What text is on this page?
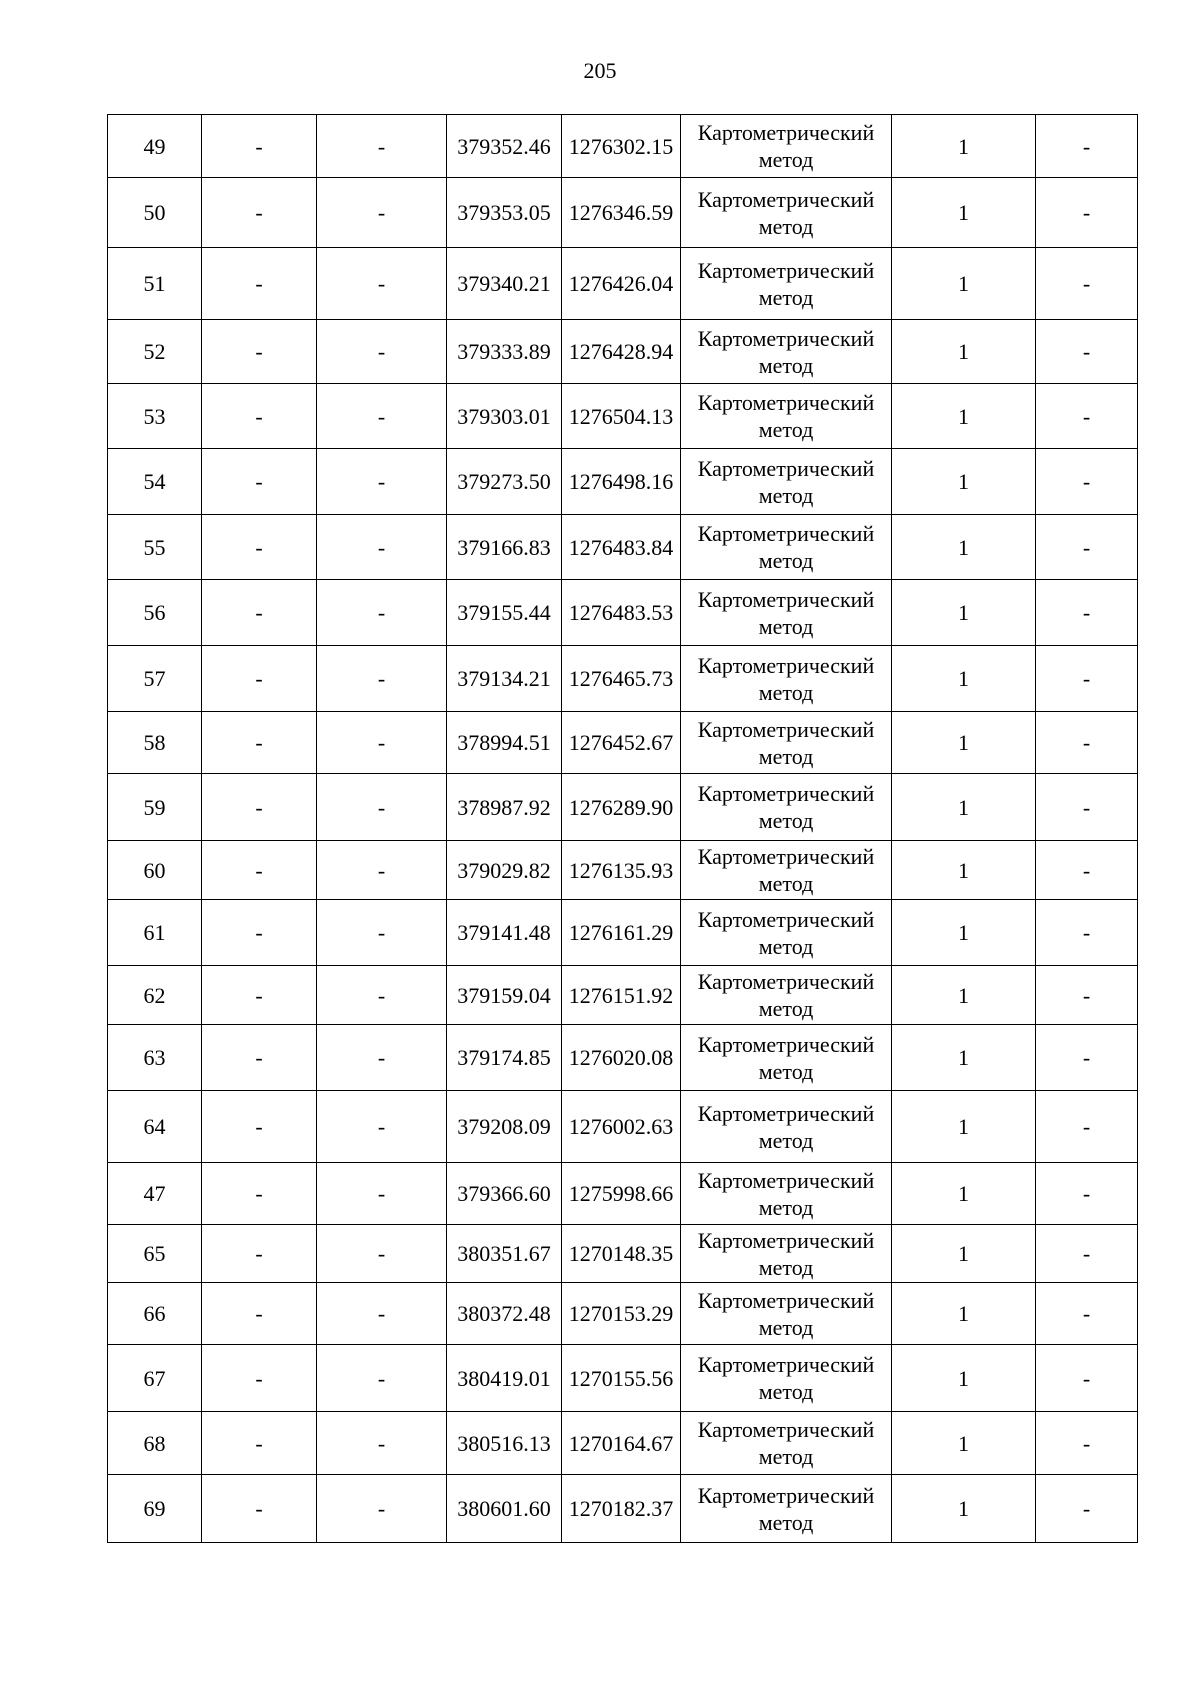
205
49	-	-	379352.46	1276302.15	Картометрический метод	1	-
50	-	-	379353.05	1276346.59	Картометрический метод	1	-
51	-	-	379340.21	1276426.04	Картометрический метод	1	-
52	-	-	379333.89	1276428.94	Картометрический метод	1	-
53	-	-	379303.01	1276504.13	Картометрический метод	1	-
54	-	-	379273.50	1276498.16	Картометрический метод	1	-
55	-	-	379166.83	1276483.84	Картометрический метод	1	-
56	-	-	379155.44	1276483.53	Картометрический метод	1	-
57	-	-	379134.21	1276465.73	Картометрический метод	1	-
58	-	-	378994.51	1276452.67	Картометрический метод	1	-
59	-	-	378987.92	1276289.90	Картометрический метод	1	-
60	-	-	379029.82	1276135.93	Картометрический метод	1	-
61	-	-	379141.48	1276161.29	Картометрический метод	1	-
62	-	-	379159.04	1276151.92	Картометрический метод	1	-
63	-	-	379174.85	1276020.08	Картометрический метод	1	-
64	-	-	379208.09	1276002.63	Картометрический метод	1	-
47	-	-	379366.60	1275998.66	Картометрический метод	1	-
65	-	-	380351.67	1270148.35	Картометрический метод	1	-
66	-	-	380372.48	1270153.29	Картометрический метод	1	-
67	-	-	380419.01	1270155.56	Картометрический метод	1	-
68	-	-	380516.13	1270164.67	Картометрический метод	1	-
69	-	-	380601.60	1270182.37	Картометрический метод	1	-
